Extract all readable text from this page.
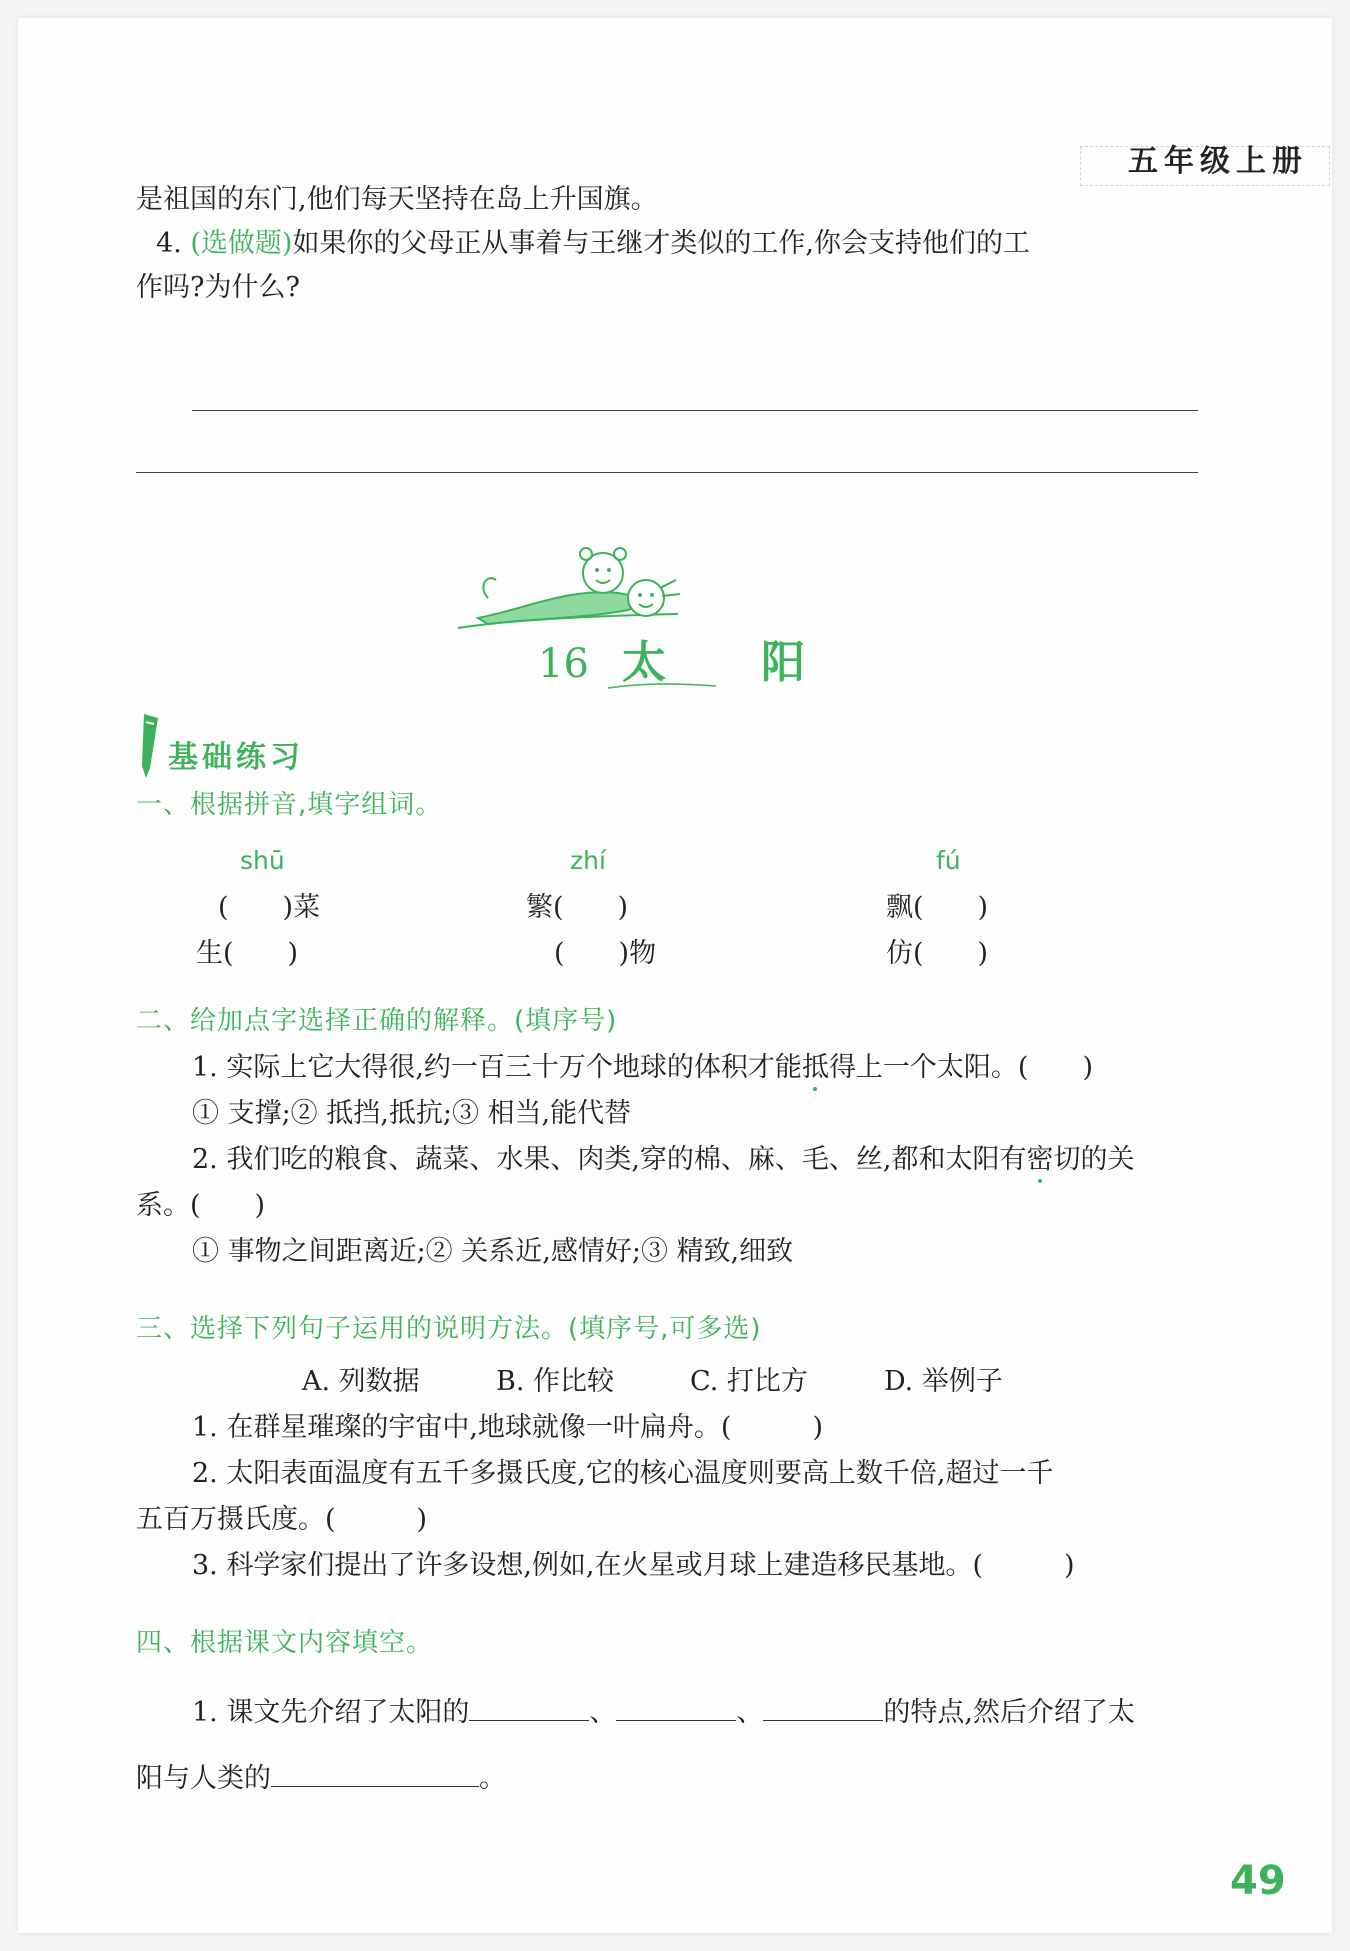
五年级上册
是祖国的东门,他们每天坚持在岛上升国旗。
4. (选做题)如果你的父母正从事着与王继才类似的工作,你会支持他们的工
作吗?为什么?
16 太 阳
基础练习
一、根据拼音,填字组词。
shū	zhí	fú
(　　)菜	繁(　　)	飘(　　)
生(　　)	(　　)物	仿(　　)
二、给加点字选择正确的解释。(填序号)
1. 实际上它大得很,约一百三十万个地球的体积才能抵得上一个太阳。(　　)
① 支撑;② 抵挡,抵抗;③ 相当,能代替
2. 我们吃的粮食、蔬菜、水果、肉类,穿的棉、麻、毛、丝,都和太阳有密切的关
系。(　　)
① 事物之间距离近;② 关系近,感情好;③ 精致,细致
三、选择下列句子运用的说明方法。(填序号,可多选)
A. 列数据	B. 作比较	C. 打比方	D. 举例子
1. 在群星璀璨的宇宙中,地球就像一叶扁舟。(　　　)
2. 太阳表面温度有五千多摄氏度,它的核心温度则要高上数千倍,超过一千
五百万摄氏度。(　　　)
3. 科学家们提出了许多设想,例如,在火星或月球上建造移民基地。(　　　)
四、根据课文内容填空。
1. 课文先介绍了太阳的	、	、	的特点,然后介绍了太
阳与人类的	。
49
